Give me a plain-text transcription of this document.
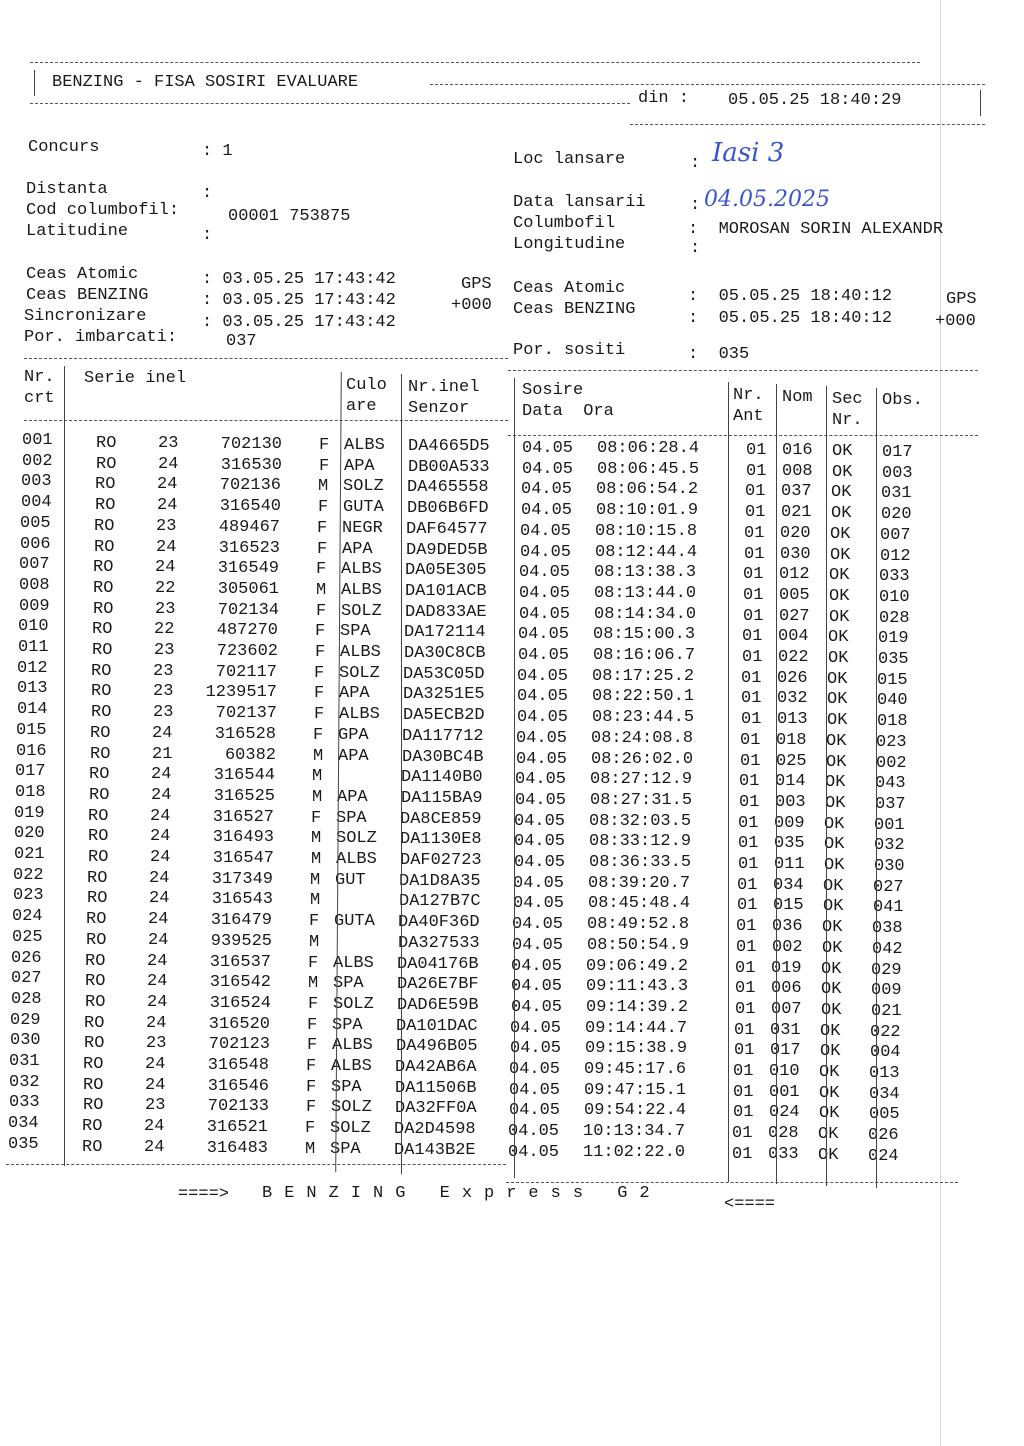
BENZING - FISA SOSIRI EVALUARE
din : 05.05.25 18:40:29
Concurs	: 1	Loc lansare	: Iasi 3
Distanta	:	Data lansarii	: 04.05.2025
Cod columbofil:	00001 753875	Columbofil	:  MOROSAN SORIN ALEXANDR
Latitudine	:	Longitudine	:
Ceas Atomic	: 03.05.25 17:43:42	GPS
Ceas BENZING	: 03.05.25 17:43:42	+000
Sincronizare	: 03.05.25 17:43:42
Por. imbarcati:	037
Ceas Atomic	:  05.05.25 18:40:12	GPS
Ceas BENZING	:  05.05.25 18:40:12	+000
Por. sositi	:  035
Nr.
crt
Serie inel	Culo
are
Nr.inel
Senzor
Sosire
Data  Ora
Nr.
Ant
Nom Sec
Nr.
Obs.
001	RO 23	702130 F ALBS DA4665D5 04.05 08:06:28.4	01 016 OK 017
002	RO 24	316530 F APA DB00A533 04.05 08:06:45.5	01 008 OK 003
003	RO 24	702136 M SOLZ DA465558 04.05 08:06:54.2	01 037 OK 031
004	RO 24	316540 F GUTA DB06B6FD 04.05 08:10:01.9	01 021 OK 020
005	RO 23	489467 F NEGR DAF64577 04.05 08:10:15.8	01 020 OK 007
006	RO 24	316523 F APA DA9DED5B 04.05 08:12:44.4	01 030 OK 012
007	RO 24	316549 F ALBS DA05E305 04.05 08:13:38.3	01 012 OK 033
008	RO 22	305061 M ALBS DA101ACB 04.05 08:13:44.0	01 005 OK 010
009	RO 23	702134 F SOLZ DAD833AE 04.05 08:14:34.0	01 027 OK 028
010	RO 22	487270 F SPA DA172114 04.05 08:15:00.3	01 004 OK 019
011	RO 23	723602 F ALBS DA30C8CB 04.05 08:16:06.7	01 022 OK 035
012	RO 23	702117 F SOLZ DA53C05D 04.05 08:17:25.2	01 026 OK 015
013	RO 23 1239517 F APA DA3251E5 04.05 08:22:50.1	01 032 OK 040
014	RO 23	702137 F ALBS DA5ECB2D 04.05 08:23:44.5	01 013 OK 018
015	RO 24	316528 F GPA DA117712 04.05 08:24:08.8	01 018 OK 023
016	RO 21	60382 M APA DA30BC4B 04.05 08:26:02.0	01 025 OK 002
017	RO 24	316544 M	DA1140B0 04.05 08:27:12.9	01 014 OK 043
018	RO 24	316525 M APA DA115BA9 04.05 08:27:31.5	01 003 OK 037
019	RO 24	316527 F SPA DA8CE859 04.05 08:32:03.5	01 009 OK 001
020	RO 24	316493 M SOLZ DA1130E8 04.05 08:33:12.9	01 035 OK 032
021	RO 24	316547 M ALBS DAF02723 04.05 08:36:33.5	01 011 OK 030
022	RO 24	317349 M GUT DA1D8A35 04.05 08:39:20.7	01 034 OK 027
023	RO 24	316543 M	DA127B7C 04.05 08:45:48.4	01 015 OK 041
024	RO 24	316479 F GUTA DA40F36D 04.05 08:49:52.8	01 036 OK 038
025	RO 24	939525 M	DA327533 04.05 08:50:54.9	01 002 OK 042
026	RO 24	316537 F ALBS DA04176B 04.05 09:06:49.2	01 019 OK 029
027	RO 24	316542 M SPA DA26E7BF 04.05 09:11:43.3	01 006 OK 009
028	RO 24	316524 F SOLZ DAD6E59B 04.05 09:14:39.2	01 007 OK 021
029	RO 24	316520 F SPA DA101DAC 04.05 09:14:44.7	01 031 OK 022
030	RO 23	702123 F ALBS DA496B05 04.05 09:15:38.9	01 017 OK 004
031	RO 24	316548 F ALBS DA42AB6A 04.05 09:45:17.6	01 010 OK 013
032	RO 24	316546 F SPA DA11506B 04.05 09:47:15.1	01 001 OK 034
033	RO 23	702133 F SOLZ DA32FF0A 04.05 09:54:22.4	01 024 OK 005
034	RO 24	316521 F SOLZ DA2D4598 04.05 10:13:34.7	01 028 OK 026
035	RO 24	316483 M SPA DA143B2E 04.05 11:02:22.0	01 033 OK 024
====> BENZING Express G2
<====
